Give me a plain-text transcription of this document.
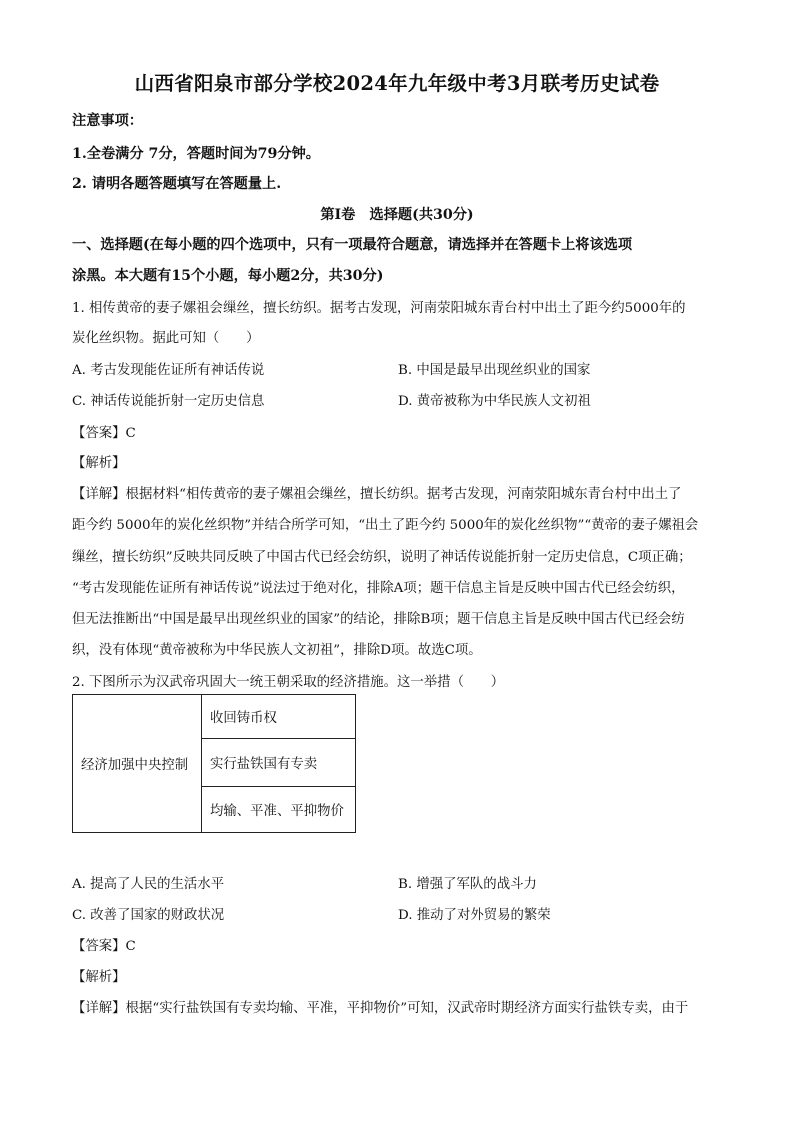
山西省阳泉市部分学校2024年九年级中考3月联考历史试卷
注意事项：
1.全卷满分 7分，答题时间为79分钟。
2. 请明各题答题填写在答题量上.
第Ⅰ卷　选择题(共30分)
一、选择题(在每小题的四个选项中，只有一项最符合题意，请选择并在答题卡上将该选项
涂黑。本大题有15个小题，每小题2分，共30分)
1. 相传黄帝的妻子嫘祖会缫丝，擅长纺织。据考古发现，河南荥阳城东青台村中出土了距今约5000年的
炭化丝织物。据此可知（　　）
A. 考古发现能佐证所有神话传说	B. 中国是最早出现丝织业的国家
C. 神话传说能折射一定历史信息	D. 黄帝被称为中华民族人文初祖
【答案】C
【解析】
【详解】根据材料“相传黄帝的妻子嫘祖会缫丝，擅长纺织。据考古发现，河南荥阳城东青台村中出土了
距今约 5000年的炭化丝织物”并结合所学可知，“出土了距今约 5000年的炭化丝织物”“黄帝的妻子嫘祖会
缫丝，擅长纺织”反映共同反映了中国古代已经会纺织，说明了神话传说能折射一定历史信息，C项正确；
“考古发现能佐证所有神话传说”说法过于绝对化，排除A项；题干信息主旨是反映中国古代已经会纺织，
但无法推断出“中国是最早出现丝织业的国家”的结论，排除B项；题干信息主旨是反映中国古代已经会纺
织，没有体现“黄帝被称为中华民族人文初祖”，排除D项。故选C项。
2. 下图所示为汉武帝巩固大一统王朝采取的经济措施。这一举措（　　）
经济加强中央控制	收回铸币权
实行盐铁国有专卖
均输、平准、平抑物价
A. 提高了人民的生活水平	B. 增强了军队的战斗力
C. 改善了国家的财政状况	D. 推动了对外贸易的繁荣
【答案】C
【解析】
【详解】根据“实行盐铁国有专卖均输、平准，平抑物价”可知，汉武帝时期经济方面实行盐铁专卖，由于
